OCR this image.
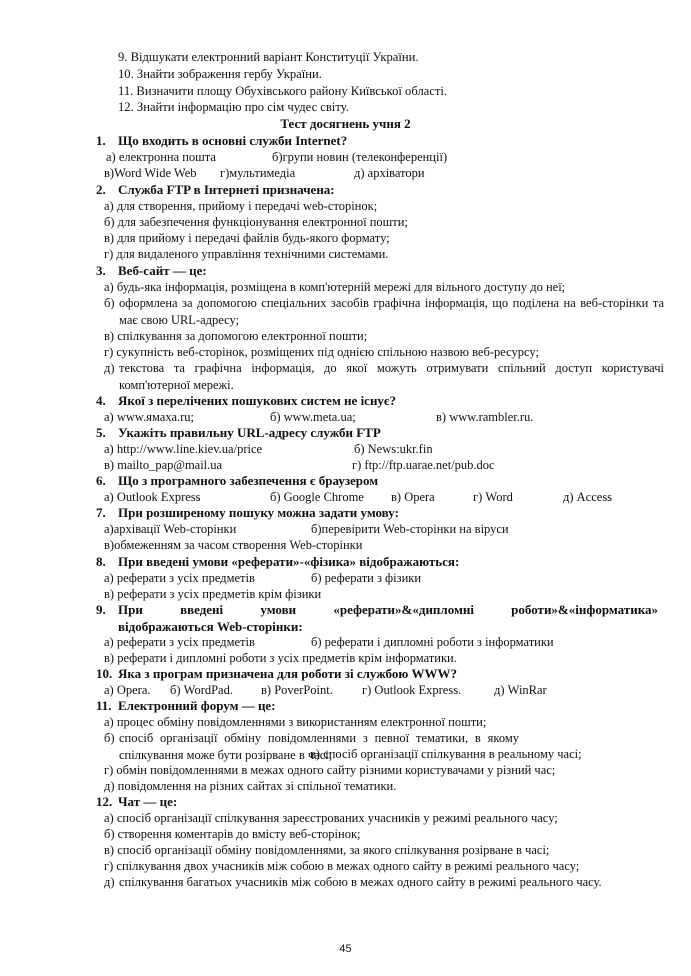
9. Відшукати електронний варіант Конституції України.
10. Знайти зображення гербу України.
11. Визначити площу Обухівського району Київської області.
12. Знайти інформацію про сім чудес світу.
Тест досягнень учня 2
1. Що входить в основні служби Internet?
а) електронна пошта	б)групи новин (телеконференції)
в)Word Wide Web г)мультимедіа	д) архіватори
2. Служба FTP в Інтернеті призначена:
а) для створення, прийому і передачі web-сторінок;
б) для забезпечення функціонування електронної пошти;
в) для прийому і передачі файлів будь-якого формату;
г) для видаленого управління технічними системами.
3. Веб-сайт — це:
а) будь-яка інформація, розміщена в комп'ютерній мережі для вільного доступу до неї;
б) оформлена за допомогою спеціальних засобів графічна інформація, що поділена на веб-сторінки та має свою URL-адресу;
в) спілкування за допомогою електронної пошти;
г) сукупність веб-сторінок, розміщених під однією спільною назвою веб-ресурсу;
д) текстова та графічна інформація, до якої можуть отримувати спільний доступ користувачі комп'ютерної мережі.
4. Якої з перелічених пошукових систем не існує?
а) www.ямаха.ru;	б) www.meta.ua;	в) www.rambler.ru.
5. Укажіть правильну URL-адресу служби FTP
а) http://www.line.kiev.ua/price	б) News:ukr.fin
в) mailto_pap@mail.ua	г) ftp://ftp.uarae.net/pub.doc
6. Що з програмного забезпечення є браузером
а) Outlook Express	б) Google Chrome в) Opera	г) Word	д) Access
7. При розширеному пошуку можна задати умову:
а)архівації Web-сторінки	б)перевірити Web-сторінки на віруси
в)обмеженням за часом створення Web-сторінки
8. При введені умови «реферати»-«фізика» відображаються:
а) реферати з усіх предметів	б) реферати з фізики
в) реферати з усіх предметів крім фізики
9. При введені умови «реферати»&«дипломні роботи»&«інформатика»
відображаються Web-сторінки:
а) реферати з усіх предметів	б) реферати і дипломні роботи з інформатики
в) реферати і дипломні роботи з усіх предметів крім інформатики.
10. Яка з програм призначена для роботи зі службою WWW?
а) Opera. б) WordPad. в) PoverPoint. г) Outlook Express.	д) WinRar
11. Електронний форум — це:
а) процес обміну повідомленнями з використанням електронної пошти;
б) спосіб організації обміну повідомленнями з певної тематики, в якому спілкування може бути розірване в часі;
в) спосіб організації спілкування в реальному часі;
г) обмін повідомленнями в межах одного сайту різними користувачами у різний час;
д) повідомлення на різних сайтах зі спільної тематики.
12. Чат — це:
а) спосіб організації спілкування зареєстрованих учасників у режимі реального часу;
б) створення коментарів до вмісту веб-сторінок;
в) спосіб організації обміну повідомленнями, за якого спілкування розірване в часі;
г) спілкування двох учасників між собою в межах одного сайту в режимі реального часу;
д) спілкування багатьох учасників між собою в межах одного сайту в режимі реального часу.
45
